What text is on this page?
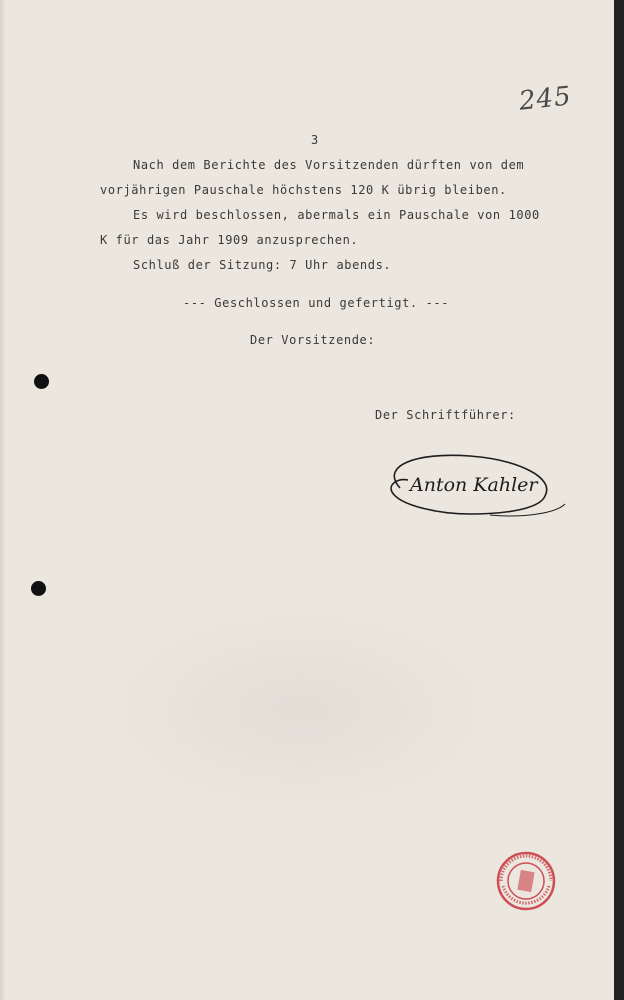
245

3

Nach dem Berichte des Vorsitzenden dürften von dem

vorjährigen Pauschale höchstens 120 K übrig bleiben.

Es wird beschlossen, abermals ein Pauschale von 1000

K für das Jahr 1909 anzusprechen.

Schluß der Sitzung: 7 Uhr abends.

--- Geschlossen und gefertigt. ---

Der Vorsitzende:

Der Schriftführer:

Anton Kahler
